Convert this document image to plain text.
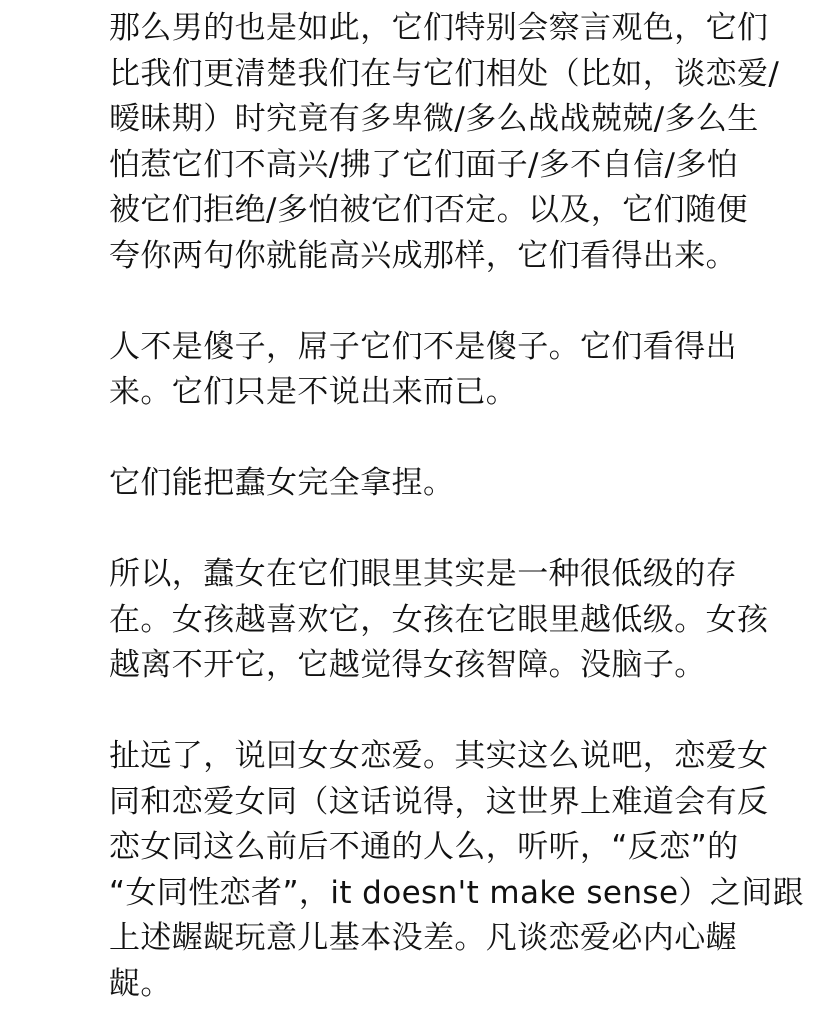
那么男的也是如此，它们特别会察言观色，它们
比我们更清楚我们在与它们相处（比如，谈恋爱/
暧昧期）时究竟有多卑微/多么战战兢兢/多么生
怕惹它们不高兴/拂了它们面子/多不自信/多怕
被它们拒绝/多怕被它们否定。以及，它们随便
夸你两句你就能高兴成那样，它们看得出来。
人不是傻子，屌子它们不是傻子。它们看得出
来。它们只是不说出来而已。
它们能把蠢女完全拿捏。
所以，蠢女在它们眼里其实是一种很低级的存
在。女孩越喜欢它，女孩在它眼里越低级。女孩
越离不开它，它越觉得女孩智障。没脑子。
扯远了，说回女女恋爱。其实这么说吧，恋爱女
同和恋爱女同（这话说得，这世界上难道会有反
恋女同这么前后不通的人么，听听，“反恋”的
“女同性恋者”，it doesn't make sense）之间跟
上述龌龊玩意儿基本没差。凡谈恋爱必内心龌
龊。
